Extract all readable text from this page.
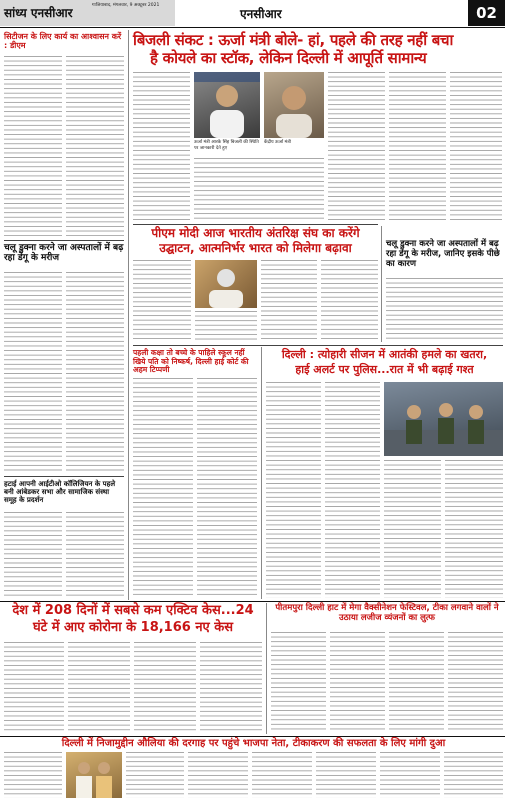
सांध्य एनसीआर
गाजियाबाद, मंगलवार, 9 अक्टूबर 2021
एनसीआर	02
सिटीजन के लिए कार्य का आश्वासन करें : डीएम
चलू डुक्ना करने जा अस्पतालों में बढ़ रहा डेंगू के मरीज
हटाई आपनी आईटीओ कॉलिजियन के पहले बनी आंबेडकर सभा और सामाजिक संस्था समूह के प्रदर्शन
बिजली संकट : ऊर्जा मंत्री बोले- हां, पहले की तरह नहीं बचा
है कोयले का स्टॉक, लेकिन दिल्ली में आपूर्ति सामान्य
ऊर्जा मंत्री आरके सिंह बिजली की स्थिति पर जानकारी देते हुए
केंद्रीय ऊर्जा मंत्री
चलू डुक्ना करने जा अस्पतालों में बढ़ रहा डेंगू के मरीज, जानिए इसके पीछे का कारण
पीएम मोदी आज भारतीय अंतरिक्ष संघ का करेंगे
उद्घाटन, आत्मनिर्भर भारत को मिलेगा बढ़ावा
पहली कक्षा तो बच्चे के पाहिले स्कूल नहीं खिये पति को निष्कर्ष, दिल्ली हाई कोर्ट की अहम टिप्पणी
दिल्ली : त्योहारी सीजन में आतंकी हमले का खतरा,
हाई अलर्ट पर पुलिस...रात में भी बढ़ाई गश्त
देश में 208 दिनों में सबसे कम एक्टिव केस...24
घंटे में आए कोरोना के 18,166 नए केस
पीतमपुरा दिल्ली हाट में मेगा वैक्सीनेशन फेस्टिवल, टीका लगवाने वालों ने उठाया लजीज व्यंजनों का लुत्फ
दिल्ली में निजामुद्दीन औलिया की दरगाह पर पहुंचे भाजपा नेता, टीकाकरण की सफलता के लिए मांगी दुआ
